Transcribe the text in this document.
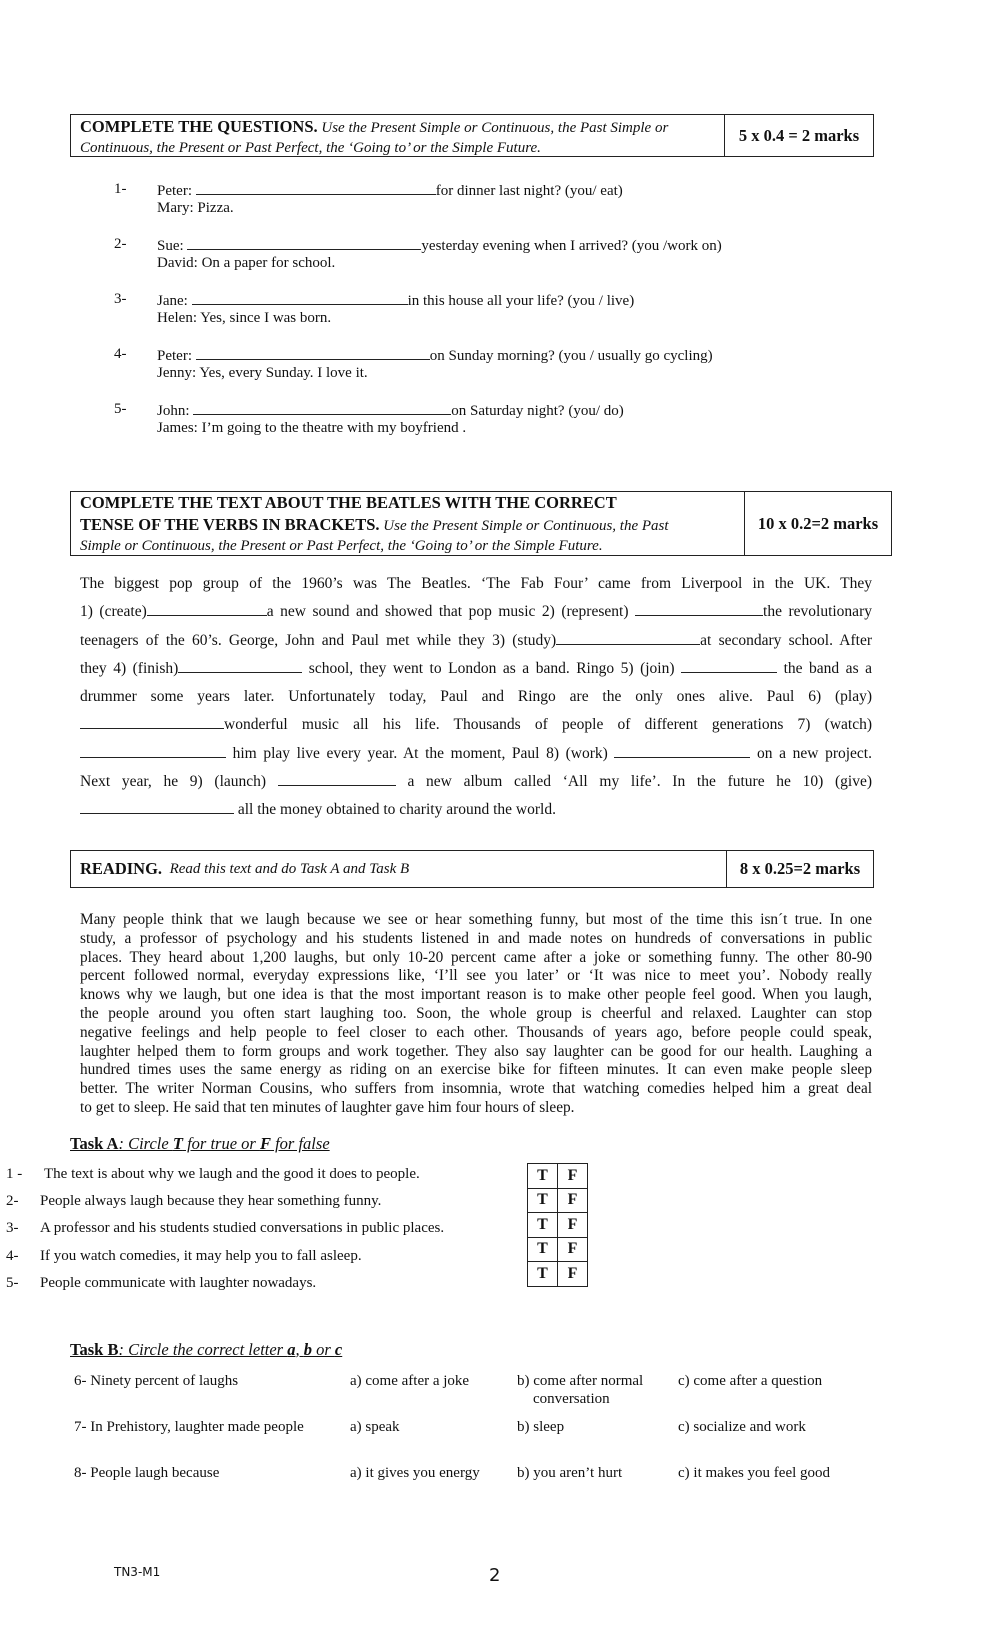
COMPLETE THE QUESTIONS. Use the Present Simple or Continuous, the Past Simple or
Continuous, the Present or Past Perfect, the ‘Going to’ or the Simple Future.
5 x 0.4 = 2 marks
1- Peter:	for dinner last night? (you/ eat)
Mary: Pizza.
2- Sue:	yesterday evening when I arrived? (you /work on)
David: On a paper for school.
3- Jane:	in this house all your life? (you / live)
Helen: Yes, since I was born.
4- Peter:	on Sunday morning? (you / usually go cycling)
Jenny: Yes, every Sunday. I love it.
5- John:	on Saturday night? (you/ do)
James: I’m going to the theatre with my boyfriend .
COMPLETE THE TEXT ABOUT THE BEATLES WITH THE CORRECT
TENSE OF THE VERBS IN BRACKETS. Use the Present Simple or Continuous, the Past
Simple or Continuous, the Present or Past Perfect, the ‘Going to’ or the Simple Future.
10 x 0.2=2 marks
The biggest pop group of the 1960’s was The Beatles. ‘The Fab Four’ came from Liverpool in the UK. They
1) (create)	a new sound and showed that pop music 2) (represent)	the revolutionary
teenagers of the 60’s. George, John and Paul met while they 3) (study)	at secondary school. After
they 4) (finish)	school, they went to London as a band. Ringo 5) (join)	the band as a
drummer some years later. Unfortunately today, Paul and Ringo are the only ones alive. Paul 6) (play)
wonderful music all his life. Thousands of people of different generations 7) (watch)
him play live every year. At the moment, Paul 8) (work)	on a new project.
Next year, he 9) (launch)	a new album called ‘All my life’. In the future he 10) (give)
all the money obtained to charity around the world.
READING.
Read this text and do Task A and Task B	8 x 0.25=2 marks
Many people think that we laugh because we see or hear something funny, but most of the time this isn´t true. In one
study, a professor of psychology and his students listened in and made notes on hundreds of conversations in public
places. They heard about 1,200 laughs, but only 10-20 percent came after a joke or something funny. The other 80-90
percent followed normal, everyday expressions like, ‘I’ll see you later’ or ‘It was nice to meet you’. Nobody really
knows why we laugh, but one idea is that the most important reason is to make other people feel good. When you laugh,
the people around you often start laughing too. Soon, the whole group is cheerful and relaxed. Laughter can stop
negative feelings and help people to feel closer to each other. Thousands of years ago, before people could speak,
laughter helped them to form groups and work together. They also say laughter can be good for our health. Laughing a
hundred times uses the same energy as riding on an exercise bike for fifteen minutes. It can even make people sleep
better. The writer Norman Cousins, who suffers from insomnia, wrote that watching comedies helped him a great deal
to get to sleep. He said that ten minutes of laughter gave him four hours of sleep.
Task A: Circle T for true or F for false
1 - The text is about why we laugh and the good it does to people.
2- People always laugh because they hear something funny.
3- A professor and his students studied conversations in public places.
4- If you watch comedies, it may help you to fall asleep.
5- People communicate with laughter nowadays.
T	F
T	F
T	F
T	F
T	F
Task B: Circle the correct letter a, b or c
6- Ninety percent of laughs	a) come after a joke	b) come after normal
conversation
c) come after a question
7- In Prehistory, laughter made people	a) speak	b) sleep	c) socialize and work
8- People laugh because	a) it gives you energy b) you aren’t hurt	c) it makes you feel good
TN3-M1	2
